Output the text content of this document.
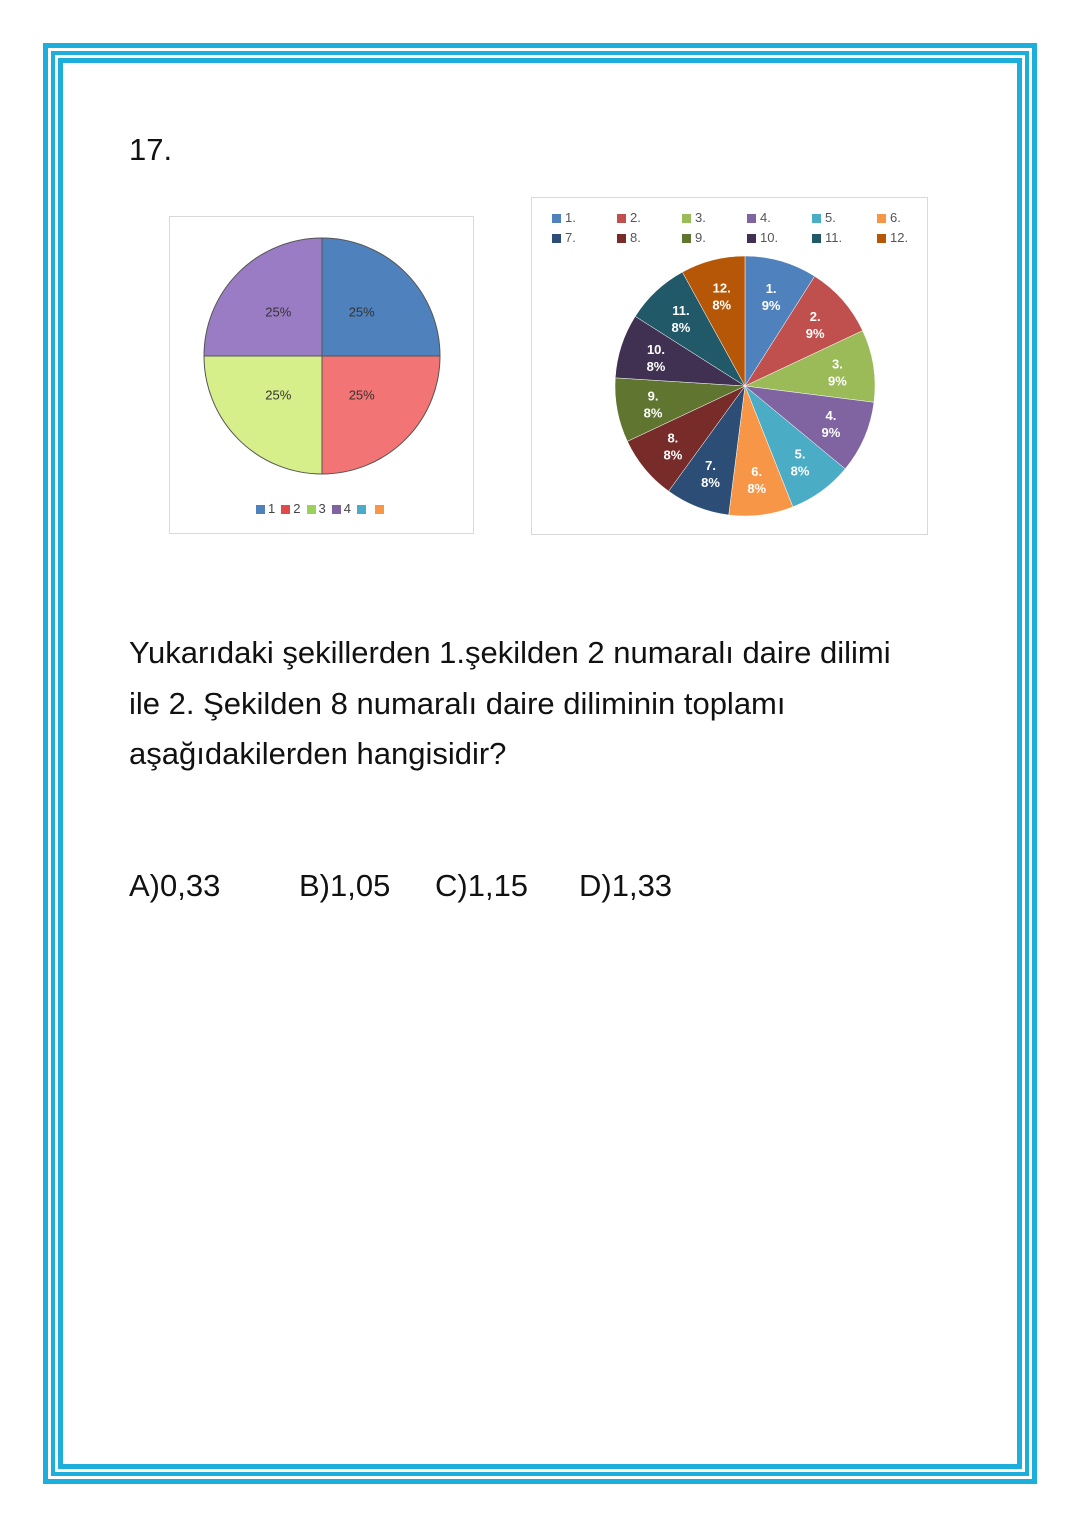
17.
25%
25%
25%
25%
1 2 3 4
1.	2.	3.	4.	5.	6.
7.	8.	9.	10.	11.	12.
1.
9%
2.
9%
3.
9%
4.
9%
5.
8%
6.
8%
7.
8%
8.
8%
9.
8%
10.
8%
11.
8%
12.
8%
Yukarıdaki şekillerden 1.şekilden 2 numaralı daire dilimi
ile 2. Şekilden 8 numaralı daire diliminin toplamı
aşağıdakilerden hangisidir?
A)0,33	B)1,05 C)1,15 D)1,33
